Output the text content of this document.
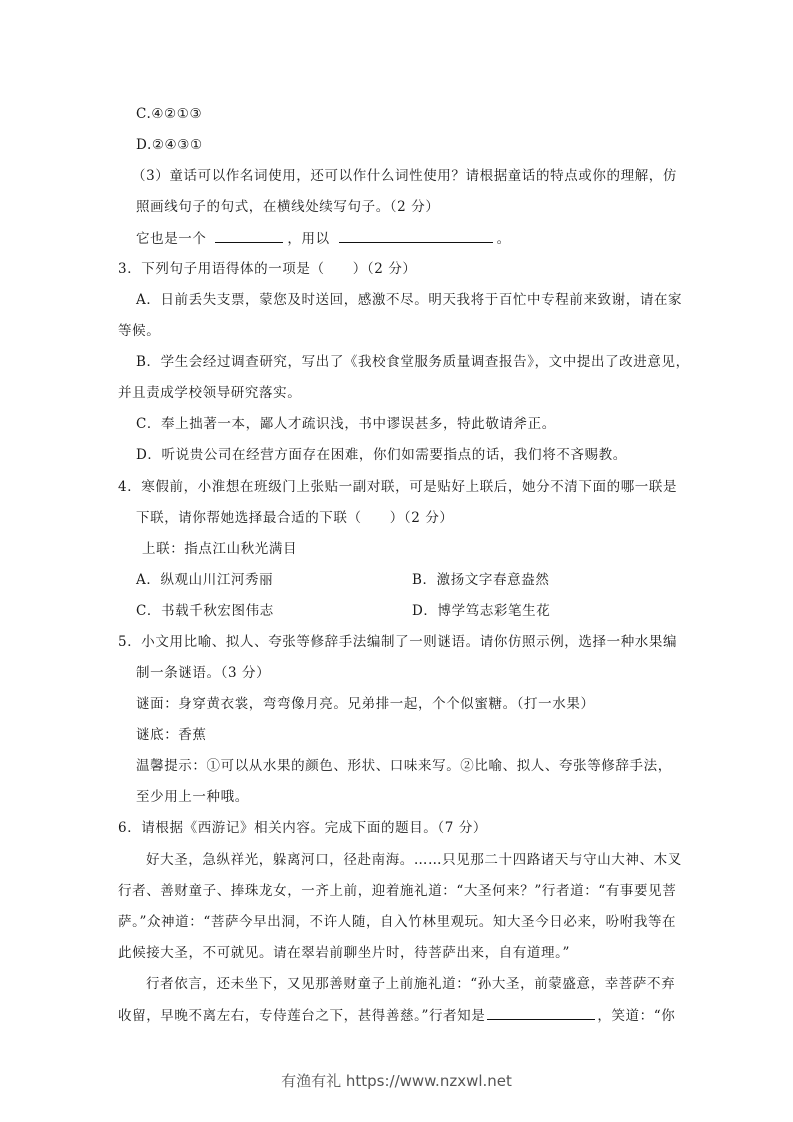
C.④②①③
D.②④③①
（3）童话可以作名词使用，还可以作什么词性使用？请根据童话的特点或你的理解，仿
照画线句子的句式，在横线处续写句子。（2 分）
它也是一个	，用以	。
3．下列句子用语得体的一项是（　　）（2 分）
A．日前丢失支票，蒙您及时送回，感激不尽。明天我将于百忙中专程前来致谢，请在家
等候。
B．学生会经过调查研究，写出了《我校食堂服务质量调查报告》，文中提出了改进意见，
并且责成学校领导研究落实。
C．奉上拙著一本，鄙人才疏识浅，书中谬误甚多，特此敬请斧正。
D．听说贵公司在经营方面存在困难，你们如需要指点的话，我们将不吝赐教。
4．寒假前，小淮想在班级门上张贴一副对联，可是贴好上联后，她分不清下面的哪一联是
下联，请你帮她选择最合适的下联（　　）（2 分）
上联：指点江山秋光满目
A．纵观山川江河秀丽	B．激扬文字春意盎然
C．书载千秋宏图伟志	D．博学笃志彩笔生花
5．小文用比喻、拟人、夸张等修辞手法编制了一则谜语。请你仿照示例，选择一种水果编
制一条谜语。（3 分）
谜面：身穿黄衣裳，弯弯像月亮。兄弟排一起，个个似蜜糖。（打一水果）
谜底：香蕉
温馨提示：①可以从水果的颜色、形状、口味来写。②比喻、拟人、夸张等修辞手法，
至少用上一种哦。
6．请根据《西游记》相关内容。完成下面的题目。（7 分）
好大圣，急纵祥光，躲离河口，径赴南海。……只见那二十四路诸天与守山大神、木叉
行者、善财童子、捧珠龙女，一齐上前，迎着施礼道：“大圣何来？”行者道：“有事要见菩
萨。”众神道：“菩萨今早出洞，不许人随，自入竹林里观玩。知大圣今日必来，吩咐我等在
此候接大圣，不可就见。请在翠岩前聊坐片时，待菩萨出来，自有道理。”
行者依言，还未坐下，又见那善财童子上前施礼道：“孙大圣，前蒙盛意，幸菩萨不弃
收留，早晚不离左右，专侍莲台之下，甚得善慈。”行者知是	，笑道：“你
有渔有礼 https://www.nzxwl.net
